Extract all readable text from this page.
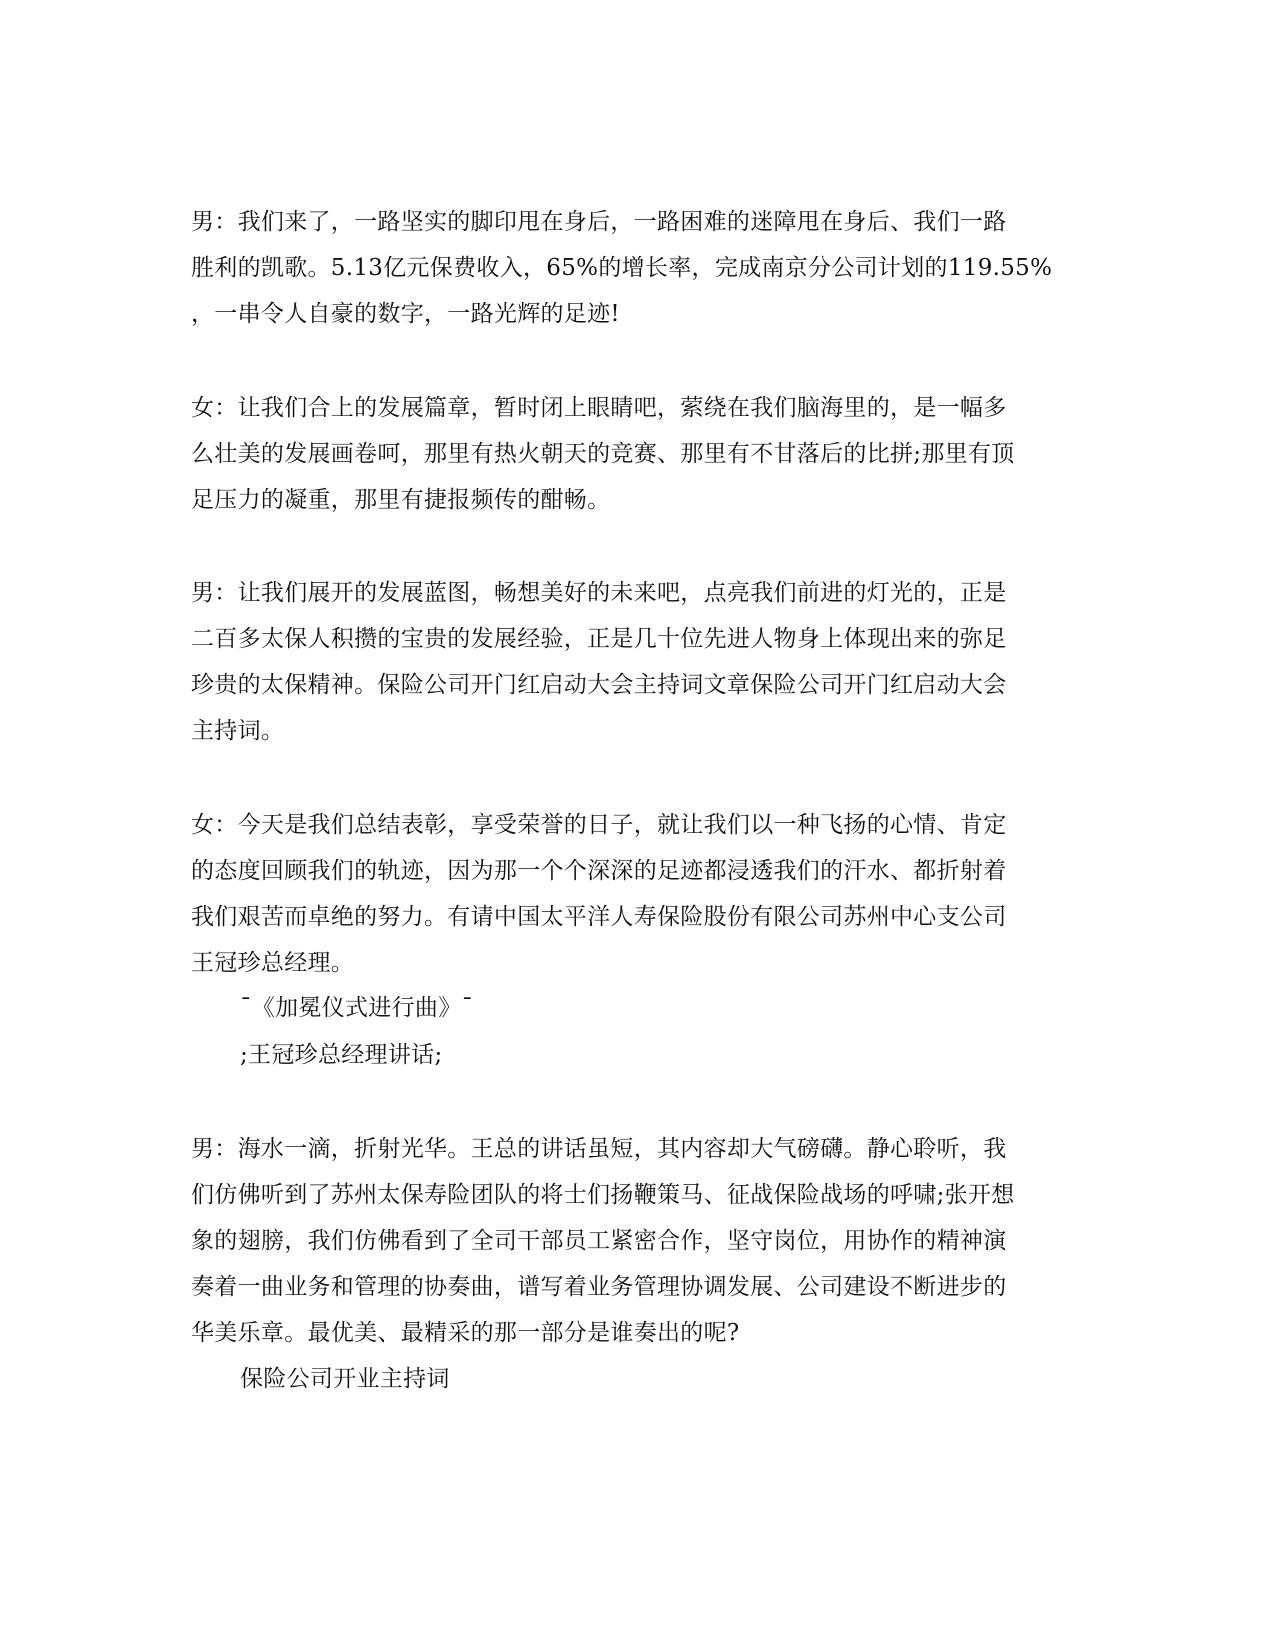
男：我们来了，一路坚实的脚印甩在身后，一路困难的迷障甩在身后、我们一路
胜利的凯歌。5.13亿元保费收入，65%的增长率，完成南京分公司计划的119.55%
，一串令人自豪的数字，一路光辉的足迹!
女：让我们合上的发展篇章，暂时闭上眼睛吧，萦绕在我们脑海里的，是一幅多
么壮美的发展画卷呵，那里有热火朝天的竞赛、那里有不甘落后的比拼;那里有顶
足压力的凝重，那里有捷报频传的酣畅。
男：让我们展开的发展蓝图，畅想美好的未来吧，点亮我们前进的灯光的，正是
二百多太保人积攒的宝贵的发展经验，正是几十位先进人物身上体现出来的弥足
珍贵的太保精神。保险公司开门红启动大会主持词文章保险公司开门红启动大会
主持词。
女：今天是我们总结表彰，享受荣誉的日子，就让我们以一种飞扬的心情、肯定
的态度回顾我们的轨迹，因为那一个个深深的足迹都浸透我们的汗水、都折射着
我们艰苦而卓绝的努力。有请中国太平洋人寿保险股份有限公司苏州中心支公司
王冠珍总经理。
¯《加冕仪式进行曲》¯
;王冠珍总经理讲话;
男：海水一滴，折射光华。王总的讲话虽短，其内容却大气磅礴。静心聆听，我
们仿佛听到了苏州太保寿险团队的将士们扬鞭策马、征战保险战场的呼啸;张开想
象的翅膀，我们仿佛看到了全司干部员工紧密合作，坚守岗位，用协作的精神演
奏着一曲业务和管理的协奏曲，谱写着业务管理协调发展、公司建设不断进步的
华美乐章。最优美、最精采的那一部分是谁奏出的呢?
保险公司开业主持词
